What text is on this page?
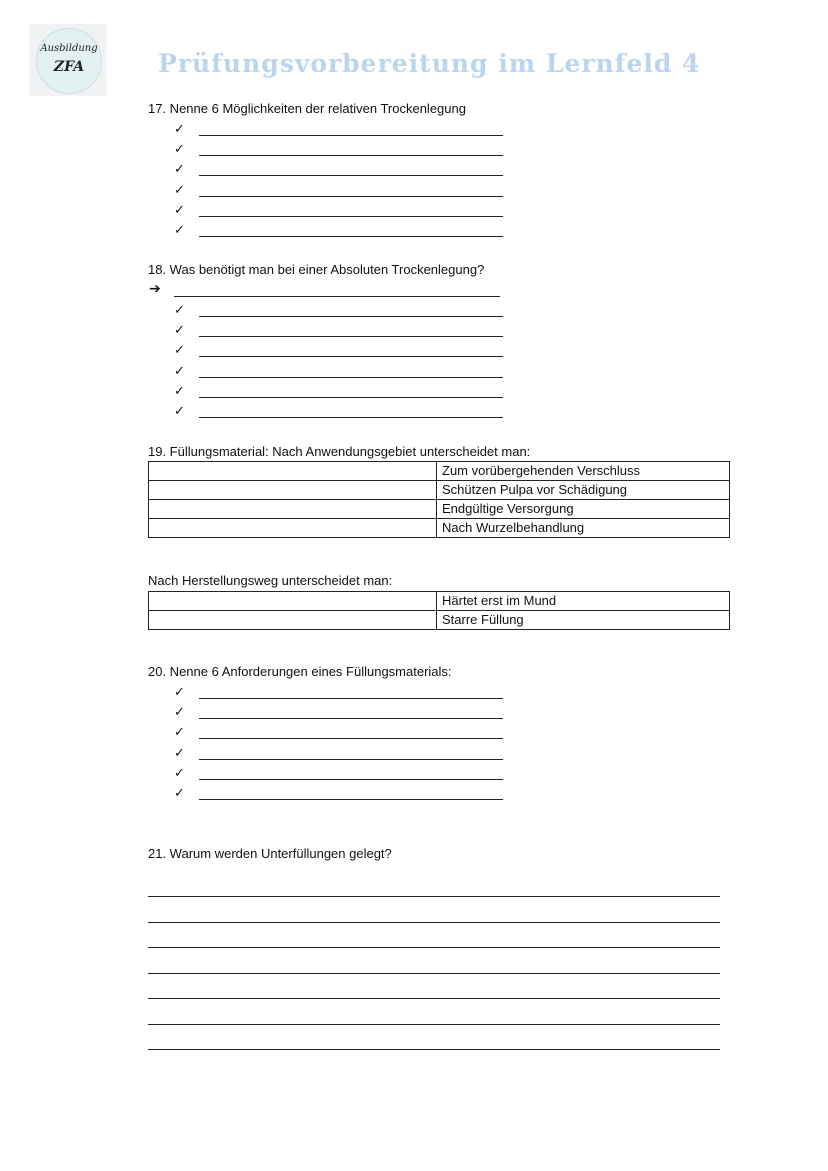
Ausbildung
ZFA	Prüfungsvorbereitung im Lernfeld 4
17. Nenne 6 Möglichkeiten der relativen Trockenlegung
✓
✓
✓
✓
✓
✓
18. Was benötigt man bei einer Absoluten Trockenlegung?
➔
✓
✓
✓
✓
✓
✓
19. Füllungsmaterial: Nach Anwendungsgebiet unterscheidet man:
	Zum vorübergehenden Verschluss
	Schützen Pulpa vor Schädigung
	Endgültige Versorgung
	Nach Wurzelbehandlung
Nach Herstellungsweg unterscheidet man:
	Härtet erst im Mund
	Starre Füllung
20. Nenne 6 Anforderungen eines Füllungsmaterials:
✓
✓
✓
✓
✓
✓
21. Warum werden Unterfüllungen gelegt?
